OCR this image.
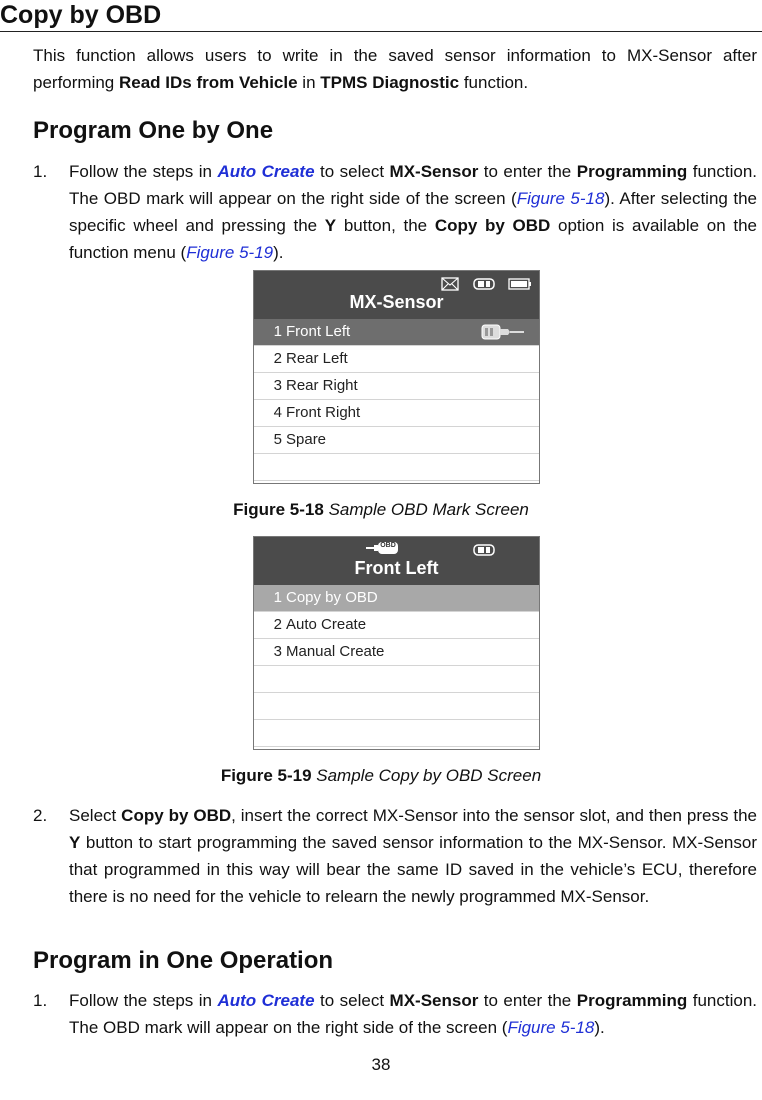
Copy by OBD
This function allows users to write in the saved sensor information to MX-Sensor after performing Read IDs from Vehicle in TPMS Diagnostic function.
Program One by One
1. Follow the steps in Auto Create to select MX-Sensor to enter the Programming function. The OBD mark will appear on the right side of the screen (Figure 5-18). After selecting the specific wheel and pressing the Y button, the Copy by OBD option is available on the function menu (Figure 5-19).
MX-Sensor
1 Front Left
2 Rear Left
3 Rear Right
4 Front Right
5 Spare
Figure 5-18 Sample OBD Mark Screen
OBD
Front Left
1 Copy by OBD
2 Auto Create
3 Manual Create
Figure 5-19 Sample Copy by OBD Screen
2. Select Copy by OBD, insert the correct MX-Sensor into the sensor slot, and then press the Y button to start programming the saved sensor information to the MX-Sensor. MX-Sensor that programmed in this way will bear the same ID saved in the vehicle’s ECU, therefore there is no need for the vehicle to relearn the newly programmed MX-Sensor.
Program in One Operation
1. Follow the steps in Auto Create to select MX-Sensor to enter the Programming function. The OBD mark will appear on the right side of the screen (Figure 5-18).
38
